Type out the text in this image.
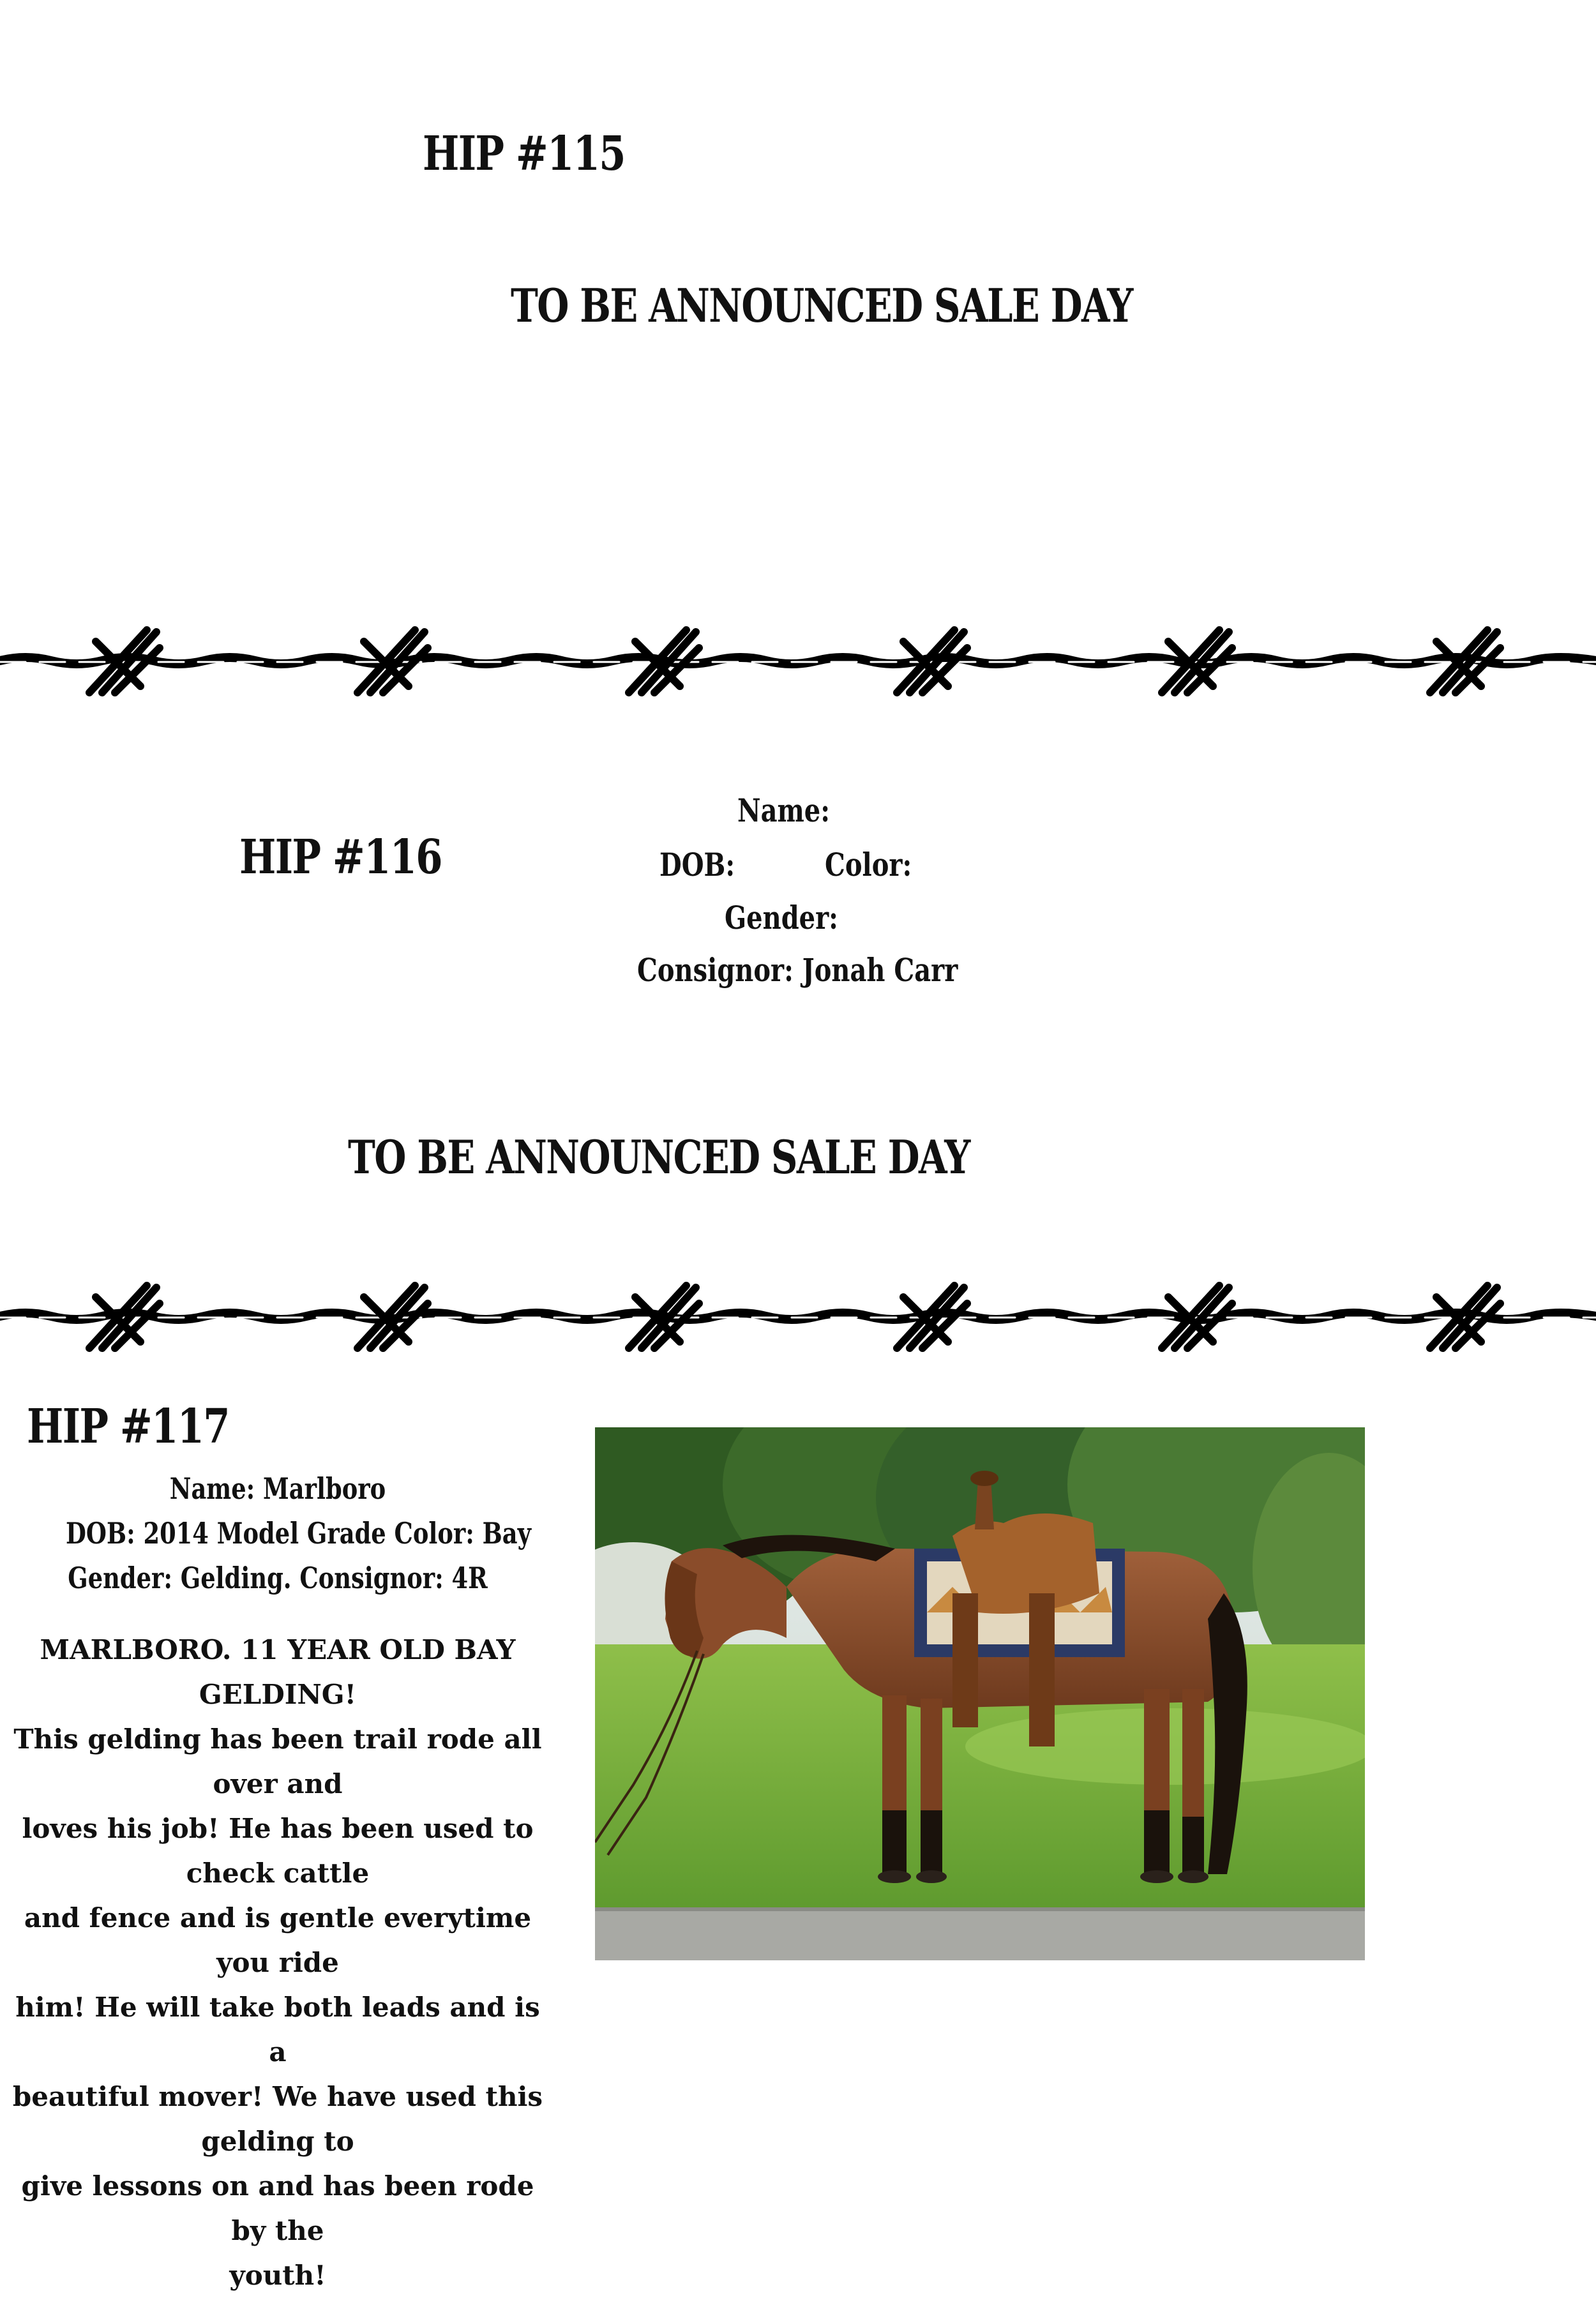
HIP #115
TO BE ANNOUNCED SALE DAY
HIP #116
Name:
DOB:	Color:
Gender:
Consignor: Jonah Carr
TO BE ANNOUNCED SALE DAY
HIP #117
Name: Marlboro
DOB: 2014 Model Grade Color: Bay
Gender: Gelding. Consignor: 4R
MARLBORO. 11 YEAR OLD BAY GELDING!
This gelding has been trail rode all over and
loves his job! He has been used to check cattle
and fence and is gentle everytime you ride
him! He will take both leads and is a
beautiful mover! We have used this gelding to
give lessons on and has been rode by the
youth!
